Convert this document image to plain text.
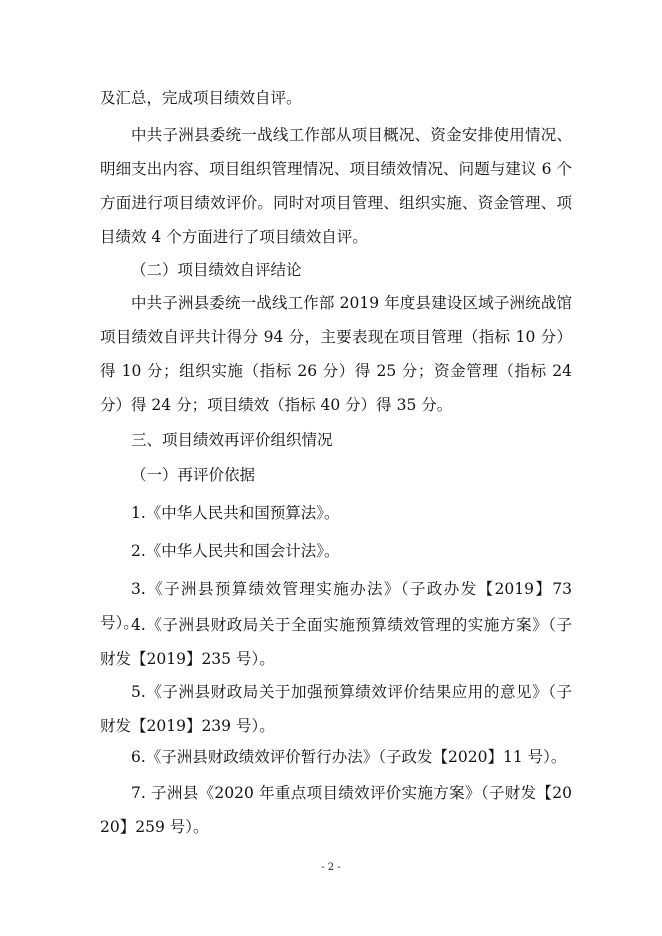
及汇总，完成项目绩效自评。

中共子洲县委统一战线工作部从项目概况、资金安排使用情况、明细支出内容、项目组织管理情况、项目绩效情况、问题与建议 6 个方面进行项目绩效评价。同时对项目管理、组织实施、资金管理、项目绩效 4 个方面进行了项目绩效自评。

（二）项目绩效自评结论

中共子洲县委统一战线工作部 2019 年度县建设区域子洲统战馆项目绩效自评共计得分 94 分，主要表现在项目管理（指标 10 分）得 10 分；组织实施（指标 26 分）得 25 分；资金管理（指标 24 分）得 24 分；项目绩效（指标 40 分）得 35 分。

三、项目绩效再评价组织情况

（一）再评价依据

1.《中华人民共和国预算法》。

2.《中华人民共和国会计法》。

3.《子洲县预算绩效管理实施办法》（子政办发【2019】73 号）。

4.《子洲县财政局关于全面实施预算绩效管理的实施方案》（子财发【2019】235 号）。

5.《子洲县财政局关于加强预算绩效评价结果应用的意见》（子财发【2019】239 号）。

6.《子洲县财政绩效评价暂行办法》（子政发【2020】11 号）。

7. 子洲县《2020 年重点项目绩效评价实施方案》（子财发【2020】259 号）。

- 2 -
